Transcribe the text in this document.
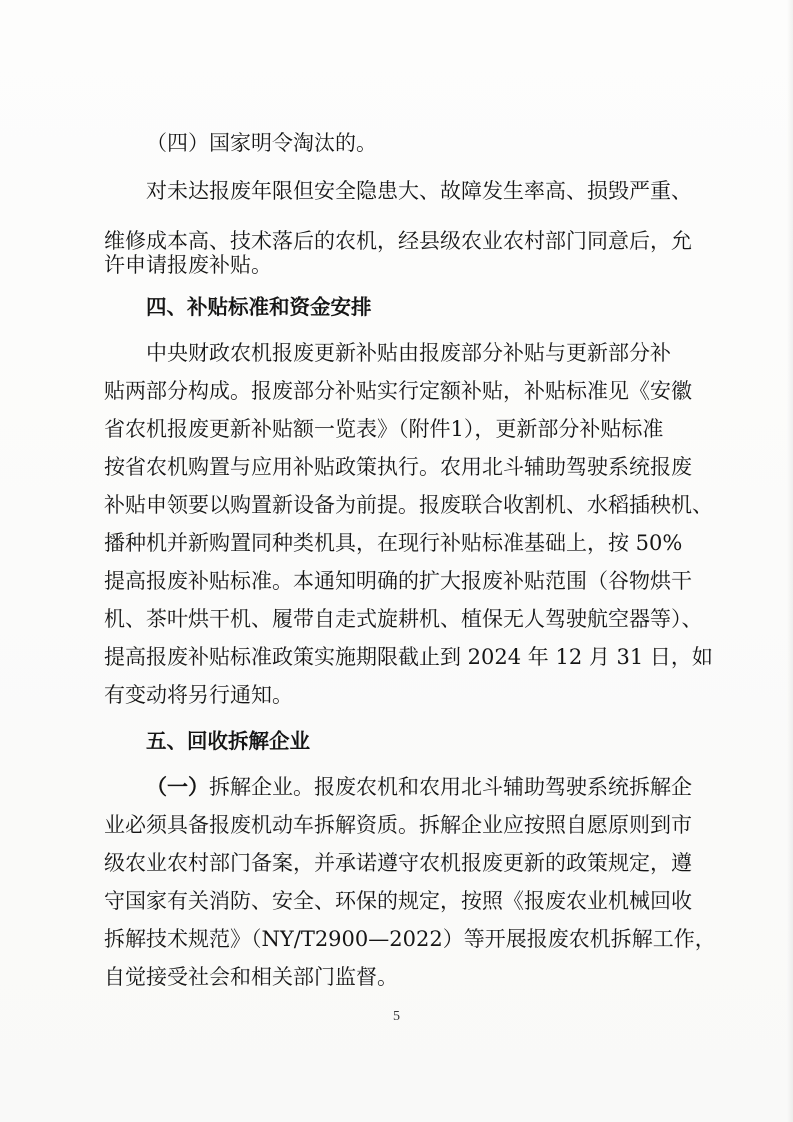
（四）国家明令淘汰的。
对未达报废年限但安全隐患大、故障发生率高、损毁严重、
维修成本高、技术落后的农机，经县级农业农村部门同意后，允
许申请报废补贴。
四、补贴标准和资金安排
中央财政农机报废更新补贴由报废部分补贴与更新部分补
贴两部分构成。报废部分补贴实行定额补贴，补贴标准见《安徽
省农机报废更新补贴额一览表》（附件1），更新部分补贴标准
按省农机购置与应用补贴政策执行。农用北斗辅助驾驶系统报废
补贴申领要以购置新设备为前提。报废联合收割机、水稻插秧机、
播种机并新购置同种类机具，在现行补贴标准基础上，按 50%
提高报废补贴标准。本通知明确的扩大报废补贴范围（谷物烘干
机、茶叶烘干机、履带自走式旋耕机、植保无人驾驶航空器等）、
提高报废补贴标准政策实施期限截止到 2024 年 12 月 31 日，如
有变动将另行通知。
五、回收拆解企业
（一）拆解企业。报废农机和农用北斗辅助驾驶系统拆解企
业必须具备报废机动车拆解资质。拆解企业应按照自愿原则到市
级农业农村部门备案，并承诺遵守农机报废更新的政策规定，遵
守国家有关消防、安全、环保的规定，按照《报废农业机械回收
拆解技术规范》（NY/T2900—2022）等开展报废农机拆解工作，
自觉接受社会和相关部门监督。
5
